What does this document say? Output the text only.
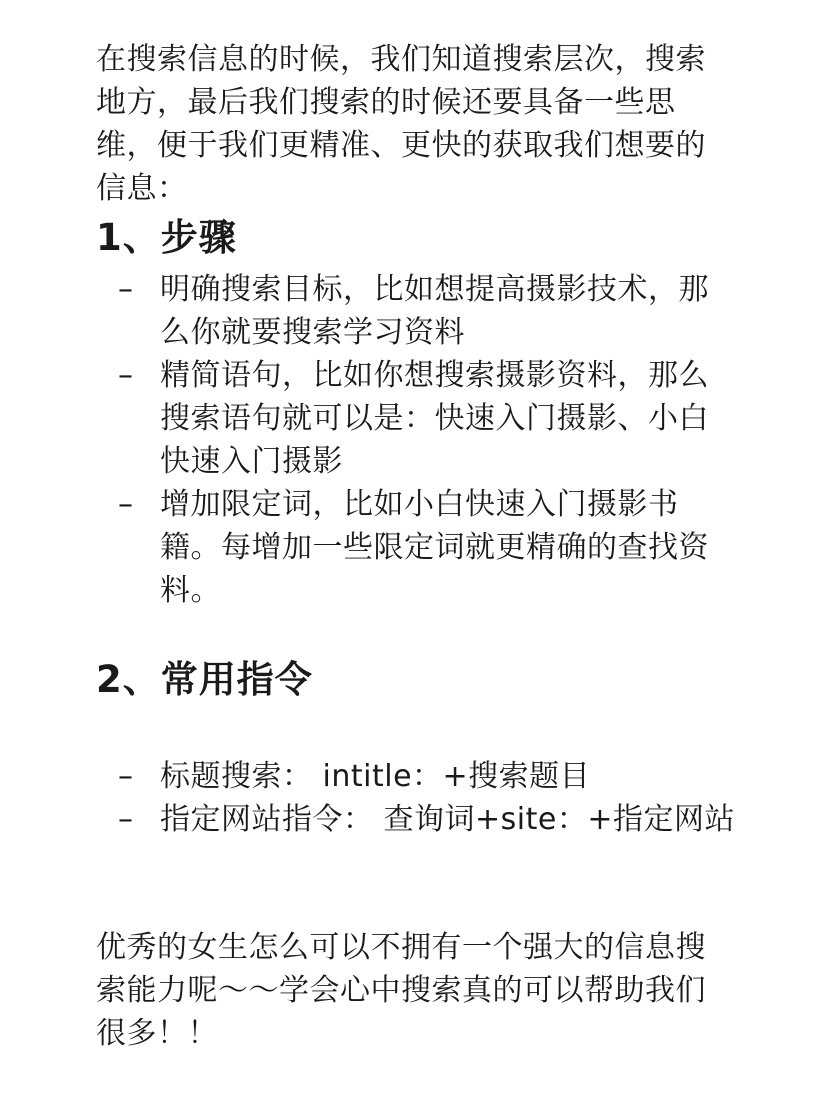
在搜索信息的时候，我们知道搜索层次，搜索
地方，最后我们搜索的时候还要具备一些思
维，便于我们更精准、更快的获取我们想要的
信息：

1、步骤
– 明确搜索目标，比如想提高摄影技术，那
么你就要搜索学习资料
– 精简语句，比如你想搜索摄影资料，那么
搜索语句就可以是：快速入门摄影、小白
快速入门摄影
– 增加限定词，比如小白快速入门摄影书
籍。每增加一些限定词就更精确的查找资
料。
2、常用指令
– 标题搜索： intitle：+搜索题目
– 指定网站指令： 查询词+site：+指定网站

优秀的女生怎么可以不拥有一个强大的信息搜
索能力呢～～学会心中搜索真的可以帮助我们
很多！！
